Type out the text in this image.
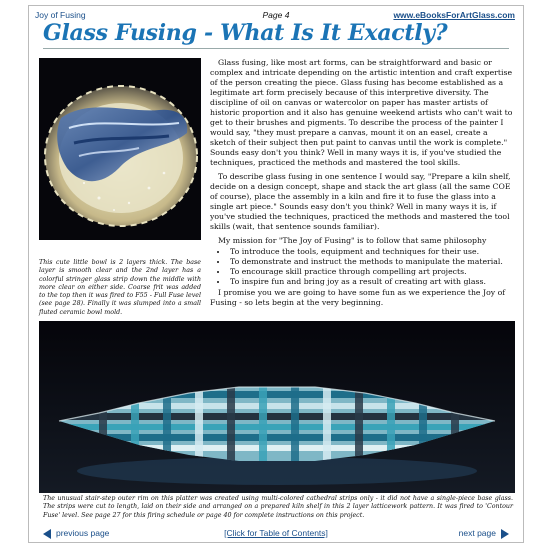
Joy of Fusing	Page 4	www.eBooksForArtGlass.com
Glass Fusing - What Is It Exactly?
This cute little bowl is 2 layers thick. The base layer is smooth clear and the 2nd layer has a colorful stringer glass strip down the middle with more clear on either side. Coarse frit was added to the top then it was fired to F55 - Full Fuse level (see page 28). Finally it was slumped into a small fluted ceramic bowl mold.

Glass fusing, like most art forms, can be straightforward and basic or complex and intricate depending on the artistic intention and craft expertise of the person creating the piece. Glass fusing has become established as a legitimate art form precisely because of this interpretive diversity. The discipline of oil on canvas or watercolor on paper has master artists of historic proportion and it also has genuine weekend artists who can't wait to get to their brushes and pigments. To describe the process of the painter I would say, "they must prepare a canvas, mount it on an easel, create a sketch of their subject then put paint to canvas until the work is complete." Sounds easy don't you think? Well in many ways it is, if you've studied the techniques, practiced the methods and mastered the tool skills.

To describe glass fusing in one sentence I would say, "Prepare a kiln shelf, decide on a design concept, shape and stack the art glass (all the same COE of course), place the assembly in a kiln and fire it to fuse the glass into a single art piece." Sounds easy don't you think? Well in many ways it is, if you've studied the techniques, practiced the methods and mastered the tool skills (wait, that sentence sounds familiar).

My mission for "The Joy of Fusing" is to follow that same philosophy

• To introduce the tools, equipment and techniques for their use.
• To demonstrate and instruct the methods to manipulate the material.
• To encourage skill practice through compelling art projects.
• To inspire fun and bring joy as a result of creating art with glass.

I promise you we are going to have some fun as we experience the Joy of Fusing - so lets begin at the very beginning.

The unusual stair-step outer rim on this platter was created using multi-colored cathedral strips only - it did not have a single-piece base glass. The strips were cut to length, laid on their side and arranged on a prepared kiln shelf in this 2 layer latticework pattern. It was fired to 'Contour Fuse' level. See page 27 for this firing schedule or page 40 for complete instructions on this project.
previous page	[Click for Table of Contents]	next page
